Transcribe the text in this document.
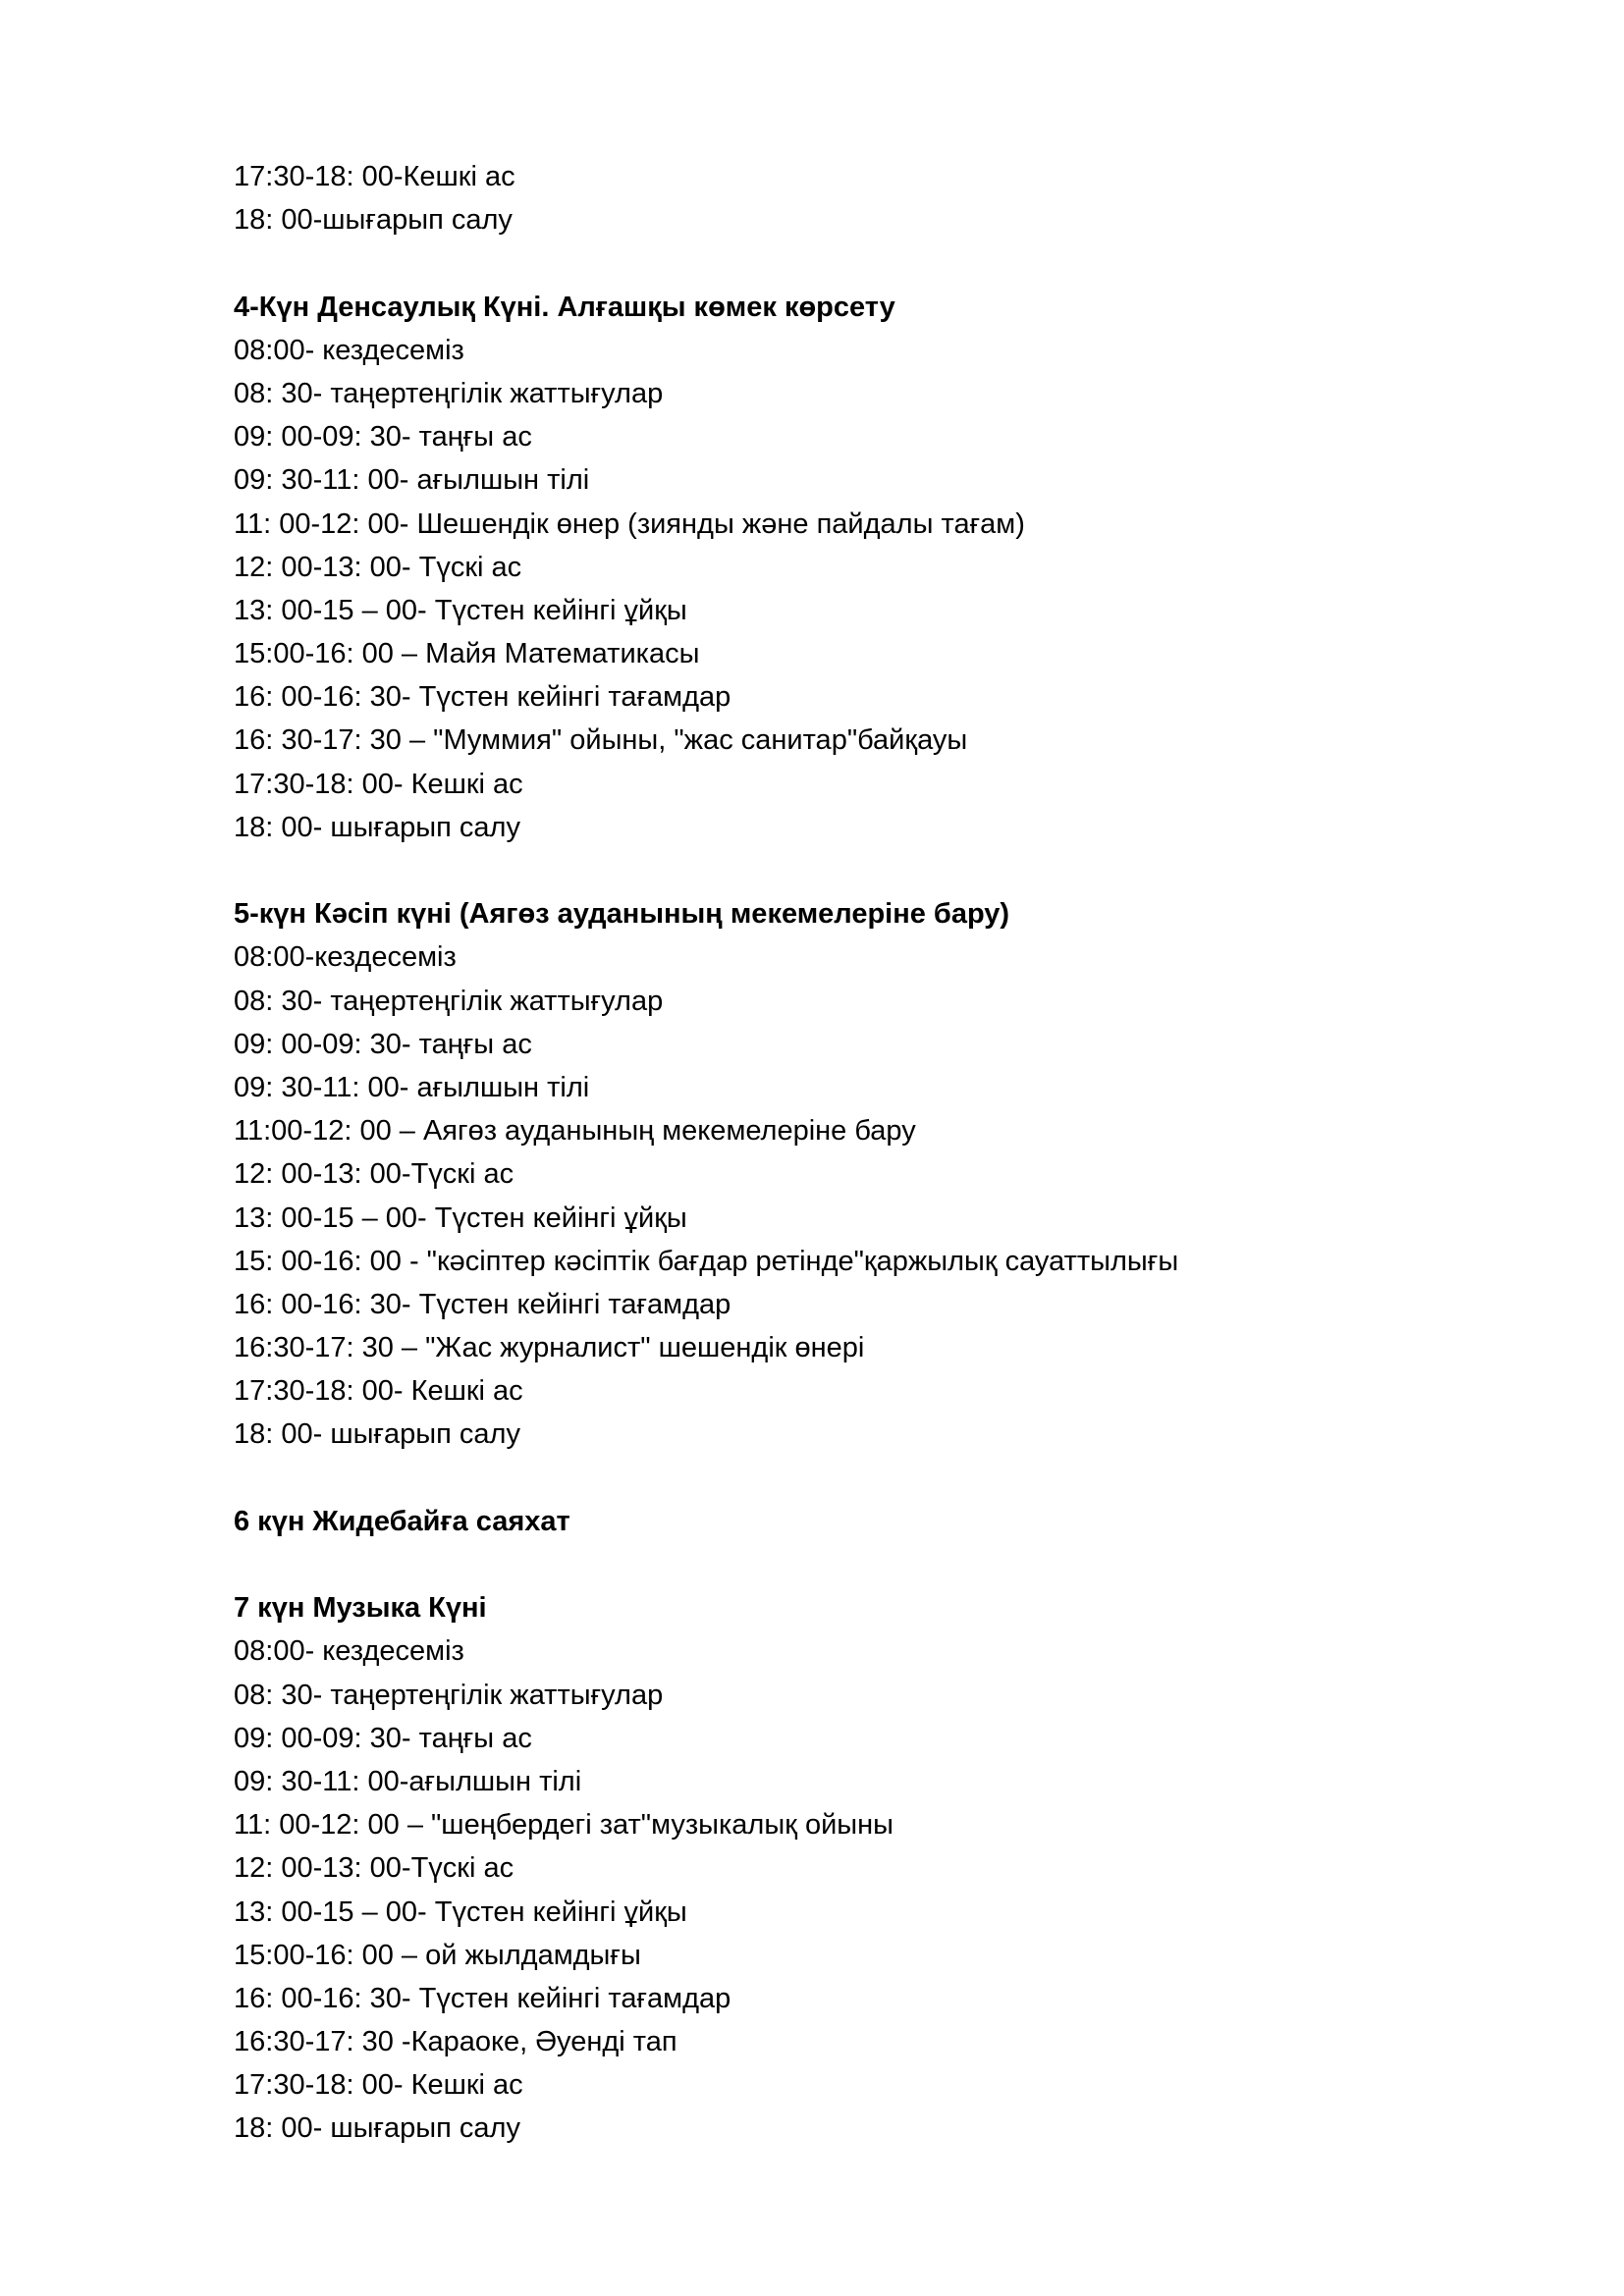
17:30-18: 00-Кешкі ас
18: 00-шығарып салу
4-Күн Денсаулық Күні. Алғашқы көмек көрсету
08:00- кездесеміз
08: 30- таңертеңгілік жаттығулар
09: 00-09: 30- таңғы ас
09: 30-11: 00- ағылшын тілі
11: 00-12: 00- Шешендік өнер (зиянды және пайдалы тағам)
12: 00-13: 00- Түскі ас
13: 00-15 – 00- Түстен кейінгі ұйқы
15:00-16: 00 – Майя Математикасы
16: 00-16: 30- Түстен кейінгі тағамдар
16: 30-17: 30 – "Муммия" ойыны, "жас санитар"байқауы
17:30-18: 00- Кешкі ас
18: 00- шығарып салу
5-күн Кәсіп күні (Аягөз ауданының мекемелеріне бару)
08:00-кездесеміз
08: 30- таңертеңгілік жаттығулар
09: 00-09: 30- таңғы ас
09: 30-11: 00- ағылшын тілі
11:00-12: 00 – Аягөз ауданының мекемелеріне бару
12: 00-13: 00-Түскі ас
13: 00-15 – 00- Түстен кейінгі ұйқы
15: 00-16: 00 - "кәсіптер кәсіптік бағдар ретінде"қаржылық сауаттылығы
16: 00-16: 30- Түстен кейінгі тағамдар
16:30-17: 30 – "Жас журналист" шешендік өнері
17:30-18: 00- Кешкі ас
18: 00- шығарып салу
6 күн Жидебайға саяхат
7 күн Музыка Күні
08:00- кездесеміз
08: 30- таңертеңгілік жаттығулар
09: 00-09: 30- таңғы ас
09: 30-11: 00-ағылшын тілі
11: 00-12: 00 – "шеңбердегі зат"музыкалық ойыны
12: 00-13: 00-Түскі ас
13: 00-15 – 00- Түстен кейінгі ұйқы
15:00-16: 00 – ой жылдамдығы
16: 00-16: 30- Түстен кейінгі тағамдар
16:30-17: 30 -Караоке, Әуенді тап
17:30-18: 00- Кешкі ас
18: 00- шығарып салу
